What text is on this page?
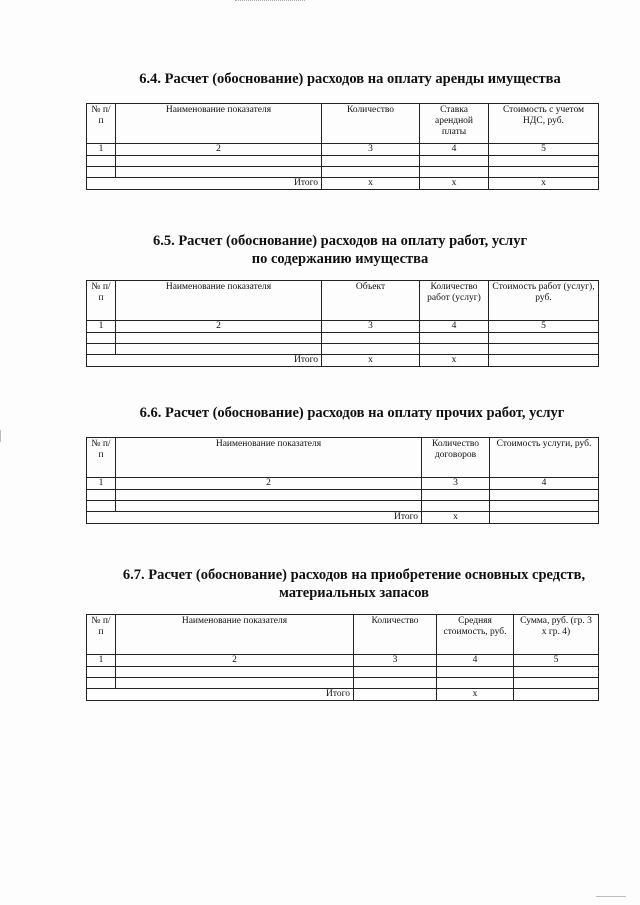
6.4. Расчет (обоснование) расходов на оплату аренды имущества
№ п/п	Наименование показателя	Количество	Ставка арендной платы	Стоимость с учетом НДС, руб.
1	2	3	4	5

Итого		x	x	x
6.5. Расчет (обоснование) расходов на оплату работ, услуг
по содержанию имущества
№ п/п	Наименование показателя	Объект	Количество работ (услуг)	Стоимость работ (услуг), руб.
1	2	3	4	5

Итого		x	x	
6.6. Расчет (обоснование) расходов на оплату прочих работ, услуг
№ п/п	Наименование показателя	Количество договоров	Стоимость услуги, руб.
1	2	3	4

Итого		x	
6.7. Расчет (обоснование) расходов на приобретение основных средств,
материальных запасов
№ п/п	Наименование показателя	Количество	Средняя стоимость, руб.	Сумма, руб. (гр. 3 х гр. 4)
1	2	3	4	5

Итого			x	
